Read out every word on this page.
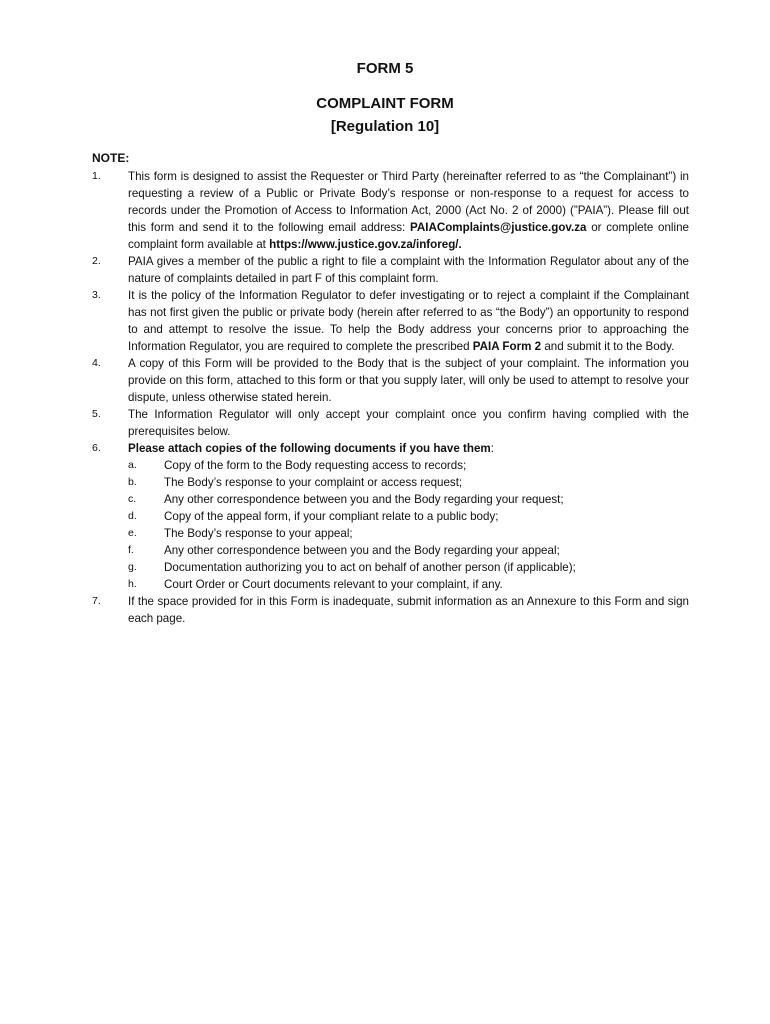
FORM 5
COMPLAINT FORM
[Regulation 10]
NOTE:
1. This form is designed to assist the Requester or Third Party (hereinafter referred to as “the Complainant”) in requesting a review of a Public or Private Body’s response or non-response to a request for access to records under the Promotion of Access to Information Act, 2000 (Act No. 2 of 2000) (”PAIA”). Please fill out this form and send it to the following email address: PAIAComplaints@justice.gov.za or complete online complaint form available at https://www.justice.gov.za/inforeg/.
2. PAIA gives a member of the public a right to file a complaint with the Information Regulator about any of the nature of complaints detailed in part F of this complaint form.
3. It is the policy of the Information Regulator to defer investigating or to reject a complaint if the Complainant has not first given the public or private body (herein after referred to as “the Body”) an opportunity to respond to and attempt to resolve the issue. To help the Body address your concerns prior to approaching the Information Regulator, you are required to complete the prescribed PAIA Form 2 and submit it to the Body.
4. A copy of this Form will be provided to the Body that is the subject of your complaint. The information you provide on this form, attached to this form or that you supply later, will only be used to attempt to resolve your dispute, unless otherwise stated herein.
5. The Information Regulator will only accept your complaint once you confirm having complied with the prerequisites below.
6. Please attach copies of the following documents if you have them:
a. Copy of the form to the Body requesting access to records;
b. The Body’s response to your complaint or access request;
c. Any other correspondence between you and the Body regarding your request;
d. Copy of the appeal form, if your compliant relate to a public body;
e. The Body’s response to your appeal;
f.	Any other correspondence between you and the Body regarding your appeal;
g. Documentation authorizing you to act on behalf of another person (if applicable);
h. Court Order or Court documents relevant to your complaint, if any.
7. If the space provided for in this Form is inadequate, submit information as an Annexure to this Form and sign each page.
